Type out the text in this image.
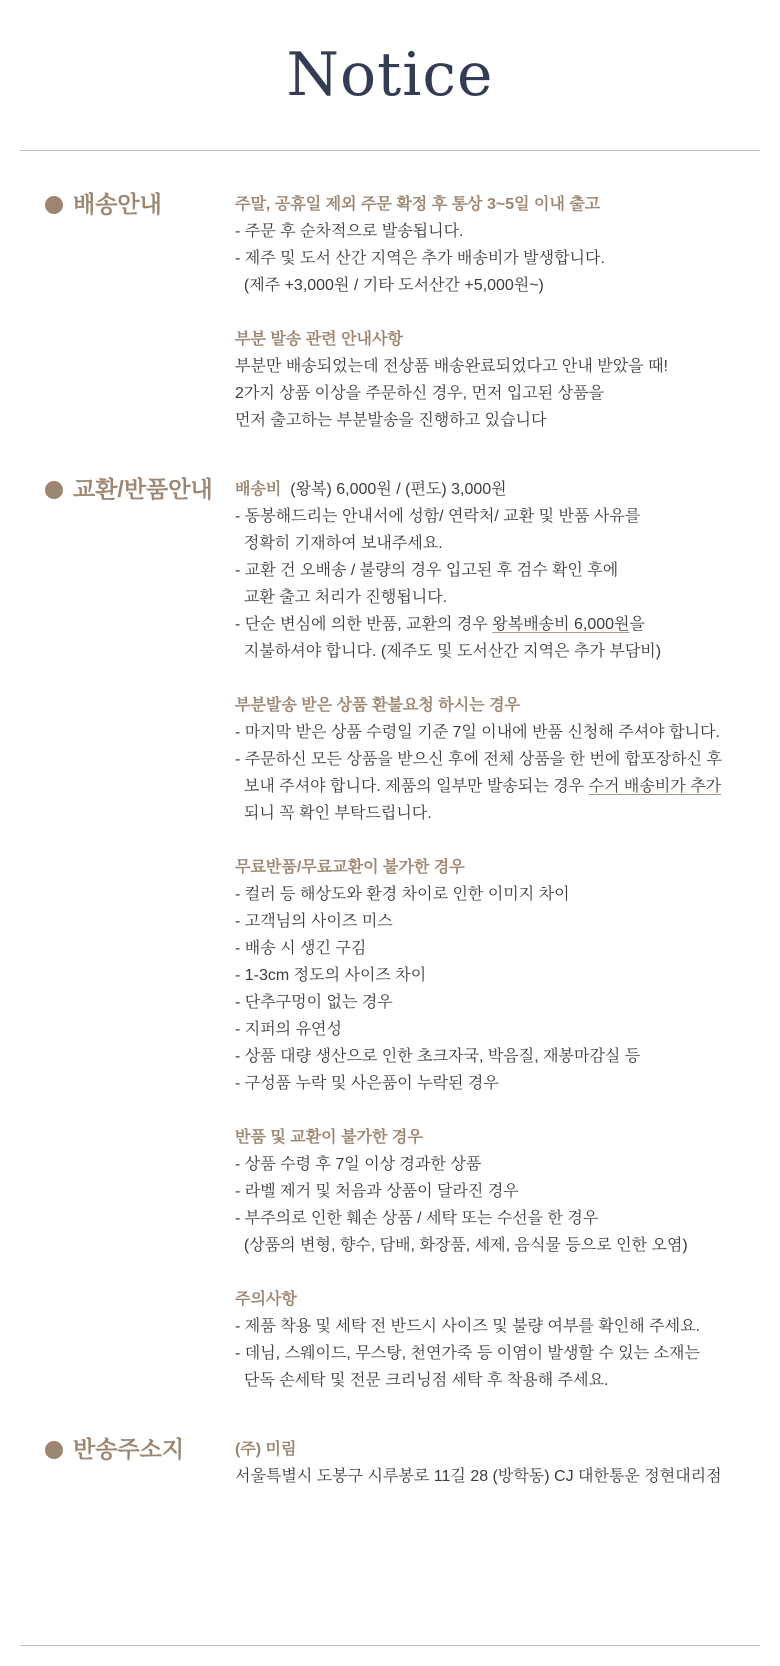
Notice
배송안내	주말, 공휴일 제외 주문 확정 후 통상 3~5일 이내 출고

- 주문 후 순차적으로 발송됩니다.

- 제주 및 도서 산간 지역은 추가 배송비가 발생합니다.

(제주 +3,000원 / 기타 도서산간 +5,000원~)

부분 발송 관련 안내사항

부분만 배송되었는데 전상품 배송완료되었다고 안내 받았을 때!

2가지 상품 이상을 주문하신 경우, 먼저 입고된 상품을

먼저 출고하는 부분발송을 진행하고 있습니다

교환/반품안내 배송비  (왕복) 6,000원 / (편도) 3,000원

- 동봉해드리는 안내서에 성함/ 연락처/ 교환 및 반품 사유를

정확히 기재하여 보내주세요.

- 교환 건 오배송 / 불량의 경우 입고된 후 검수 확인 후에

교환 출고 처리가 진행됩니다.

- 단순 변심에 의한 반품, 교환의 경우 왕복배송비 6,000원을

지불하셔야 합니다. (제주도 및 도서산간 지역은 추가 부담비)

부분발송 받은 상품 환불요청 하시는 경우

- 마지막 받은 상품 수령일 기준 7일 이내에 반품 신청해 주셔야 합니다.

- 주문하신 모든 상품을 받으신 후에 전체 상품을 한 번에 합포장하신 후

보내 주셔야 합니다. 제품의 일부만 발송되는 경우 수거 배송비가 추가

되니 꼭 확인 부탁드립니다.

무료반품/무료교환이 불가한 경우

- 컬러 등 해상도와 환경 차이로 인한 이미지 차이

- 고객님의 사이즈 미스

- 배송 시 생긴 구김

- 1-3cm 정도의 사이즈 차이

- 단추구멍이 없는 경우

- 지퍼의 유연성

- 상품 대량 생산으로 인한 초크자국, 박음질, 재봉마감실 등

- 구성품 누락 및 사은품이 누락된 경우

반품 및 교환이 불가한 경우

- 상품 수령 후 7일 이상 경과한 상품

- 라벨 제거 및 처음과 상품이 달라진 경우

- 부주의로 인한 훼손 상품 / 세탁 또는 수선을 한 경우

(상품의 변형, 향수, 담배, 화장품, 세제, 음식물 등으로 인한 오염)

주의사항

- 제품 착용 및 세탁 전 반드시 사이즈 및 불량 여부를 확인해 주세요.

- 데님, 스웨이드, 무스탕, 천연가죽 등 이염이 발생할 수 있는 소재는

단독 손세탁 및 전문 크리닝점 세탁 후 착용해 주세요.

반송주소지	(주) 미림

서울특별시 도봉구 시루봉로 11길 28 (방학동) CJ 대한통운 정현대리점
